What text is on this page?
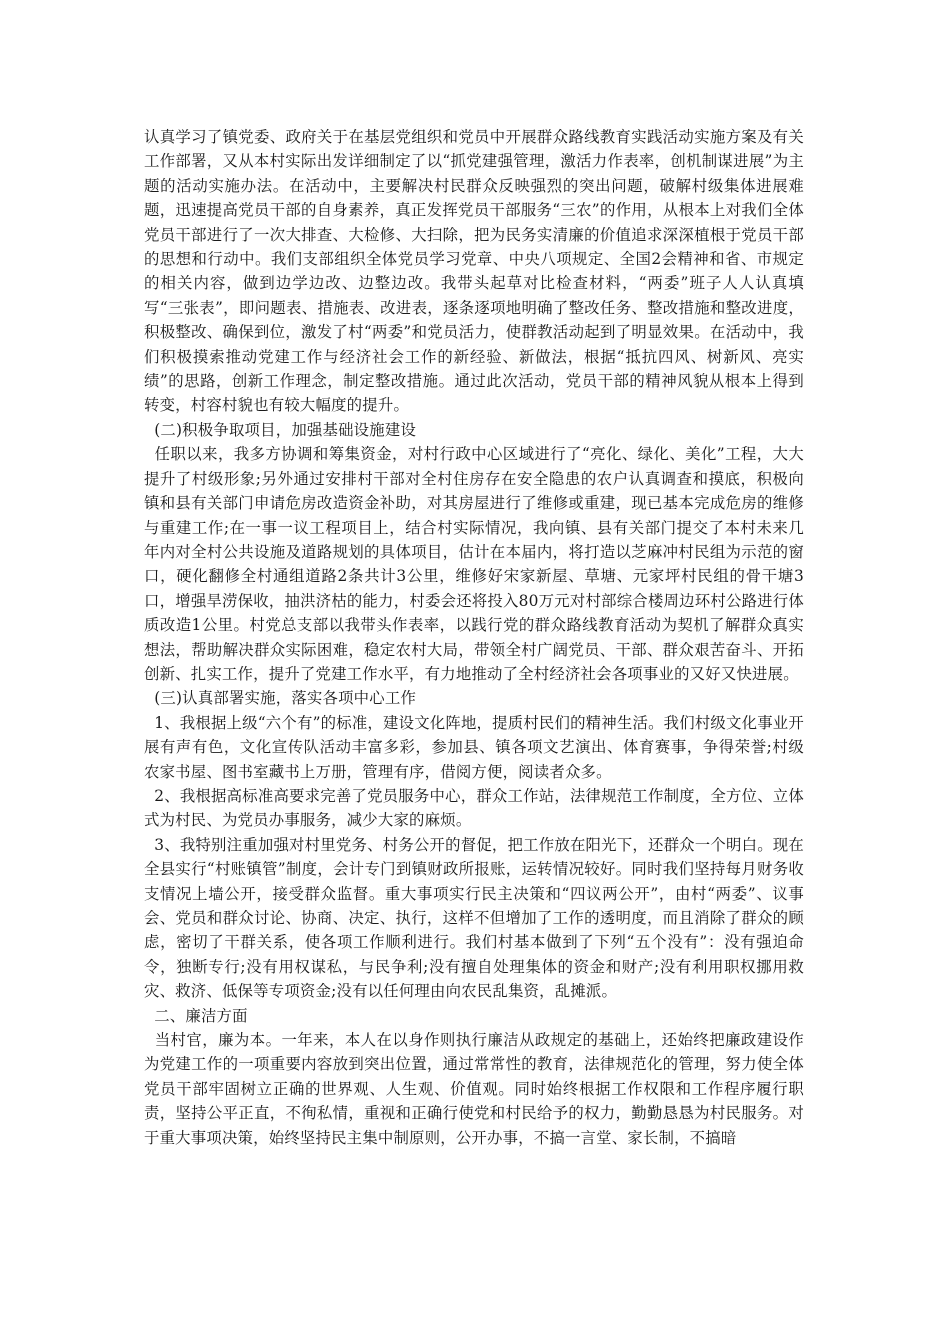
认真学习了镇党委、政府关于在基层党组织和党员中开展群众路线教育实践活动实施方案及有关工作部署，又从本村实际出发详细制定了以“抓党建强管理，激活力作表率，创机制谋进展”为主题的活动实施办法。在活动中，主要解决村民群众反映强烈的突出问题，破解村级集体进展难题，迅速提高党员干部的自身素养，真正发挥党员干部服务“三农”的作用，从根本上对我们全体党员干部进行了一次大排查、大检修、大扫除，把为民务实清廉的价值追求深深植根于党员干部的思想和行动中。我们支部组织全体党员学习党章、中央八项规定、全国2会精神和省、市规定的相关内容，做到边学边改、边整边改。我带头起草对比检查材料，“两委”班子人人认真填写“三张表”，即问题表、措施表、改进表，逐条逐项地明确了整改任务、整改措施和整改进度，积极整改、确保到位，激发了村“两委”和党员活力，使群教活动起到了明显效果。在活动中，我们积极摸索推动党建工作与经济社会工作的新经验、新做法，根据“抵抗四风、树新风、亮实绩”的思路，创新工作理念，制定整改措施。通过此次活动，党员干部的精神风貌从根本上得到转变，村容村貌也有较大幅度的提升。

(二)积极争取项目，加强基础设施建设

任职以来，我多方协调和筹集资金，对村行政中心区域进行了“亮化、绿化、美化”工程，大大提升了村级形象;另外通过安排村干部对全村住房存在安全隐患的农户认真调查和摸底，积极向镇和县有关部门申请危房改造资金补助，对其房屋进行了维修或重建，现已基本完成危房的维修与重建工作;在一事一议工程项目上，结合村实际情况，我向镇、县有关部门提交了本村未来几年内对全村公共设施及道路规划的具体项目，估计在本届内，将打造以芝麻冲村民组为示范的窗口，硬化翻修全村通组道路2条共计3公里，维修好宋家新屋、草塘、元家坪村民组的骨干塘3口，增强旱涝保收，抽洪济枯的能力，村委会还将投入80万元对村部综合楼周边环村公路进行体质改造1公里。村党总支部以我带头作表率，以践行党的群众路线教育活动为契机了解群众真实想法，帮助解决群众实际困难，稳定农村大局，带领全村广阔党员、干部、群众艰苦奋斗、开拓创新、扎实工作，提升了党建工作水平，有力地推动了全村经济社会各项事业的又好又快进展。

(三)认真部署实施，落实各项中心工作

1、我根据上级“六个有”的标准，建设文化阵地，提质村民们的精神生活。我们村级文化事业开展有声有色，文化宣传队活动丰富多彩，参加县、镇各项文艺演出、体育赛事，争得荣誉;村级农家书屋、图书室藏书上万册，管理有序，借阅方便，阅读者众多。

2、我根据高标准高要求完善了党员服务中心，群众工作站，法律规范工作制度，全方位、立体式为村民、为党员办事服务，减少大家的麻烦。

3、我特别注重加强对村里党务、村务公开的督促，把工作放在阳光下，还群众一个明白。现在全县实行“村账镇管”制度，会计专门到镇财政所报账，运转情况较好。同时我们坚持每月财务收支情况上墙公开，接受群众监督。重大事项实行民主决策和“四议两公开”，由村“两委”、议事会、党员和群众讨论、协商、决定、执行，这样不但增加了工作的透明度，而且消除了群众的顾虑，密切了干群关系，使各项工作顺利进行。我们村基本做到了下列“五个没有”：没有强迫命令，独断专行;没有用权谋私，与民争利;没有擅自处理集体的资金和财产;没有利用职权挪用救灾、救济、低保等专项资金;没有以任何理由向农民乱集资，乱摊派。

二、廉洁方面

当村官，廉为本。一年来，本人在以身作则执行廉洁从政规定的基础上，还始终把廉政建设作为党建工作的一项重要内容放到突出位置，通过常常性的教育，法律规范化的管理，努力使全体党员干部牢固树立正确的世界观、人生观、价值观。同时始终根据工作权限和工作程序履行职责，坚持公平正直，不徇私情，重视和正确行使党和村民给予的权力，勤勤恳恳为村民服务。对于重大事项决策，始终坚持民主集中制原则，公开办事，不搞一言堂、家长制，不搞暗
